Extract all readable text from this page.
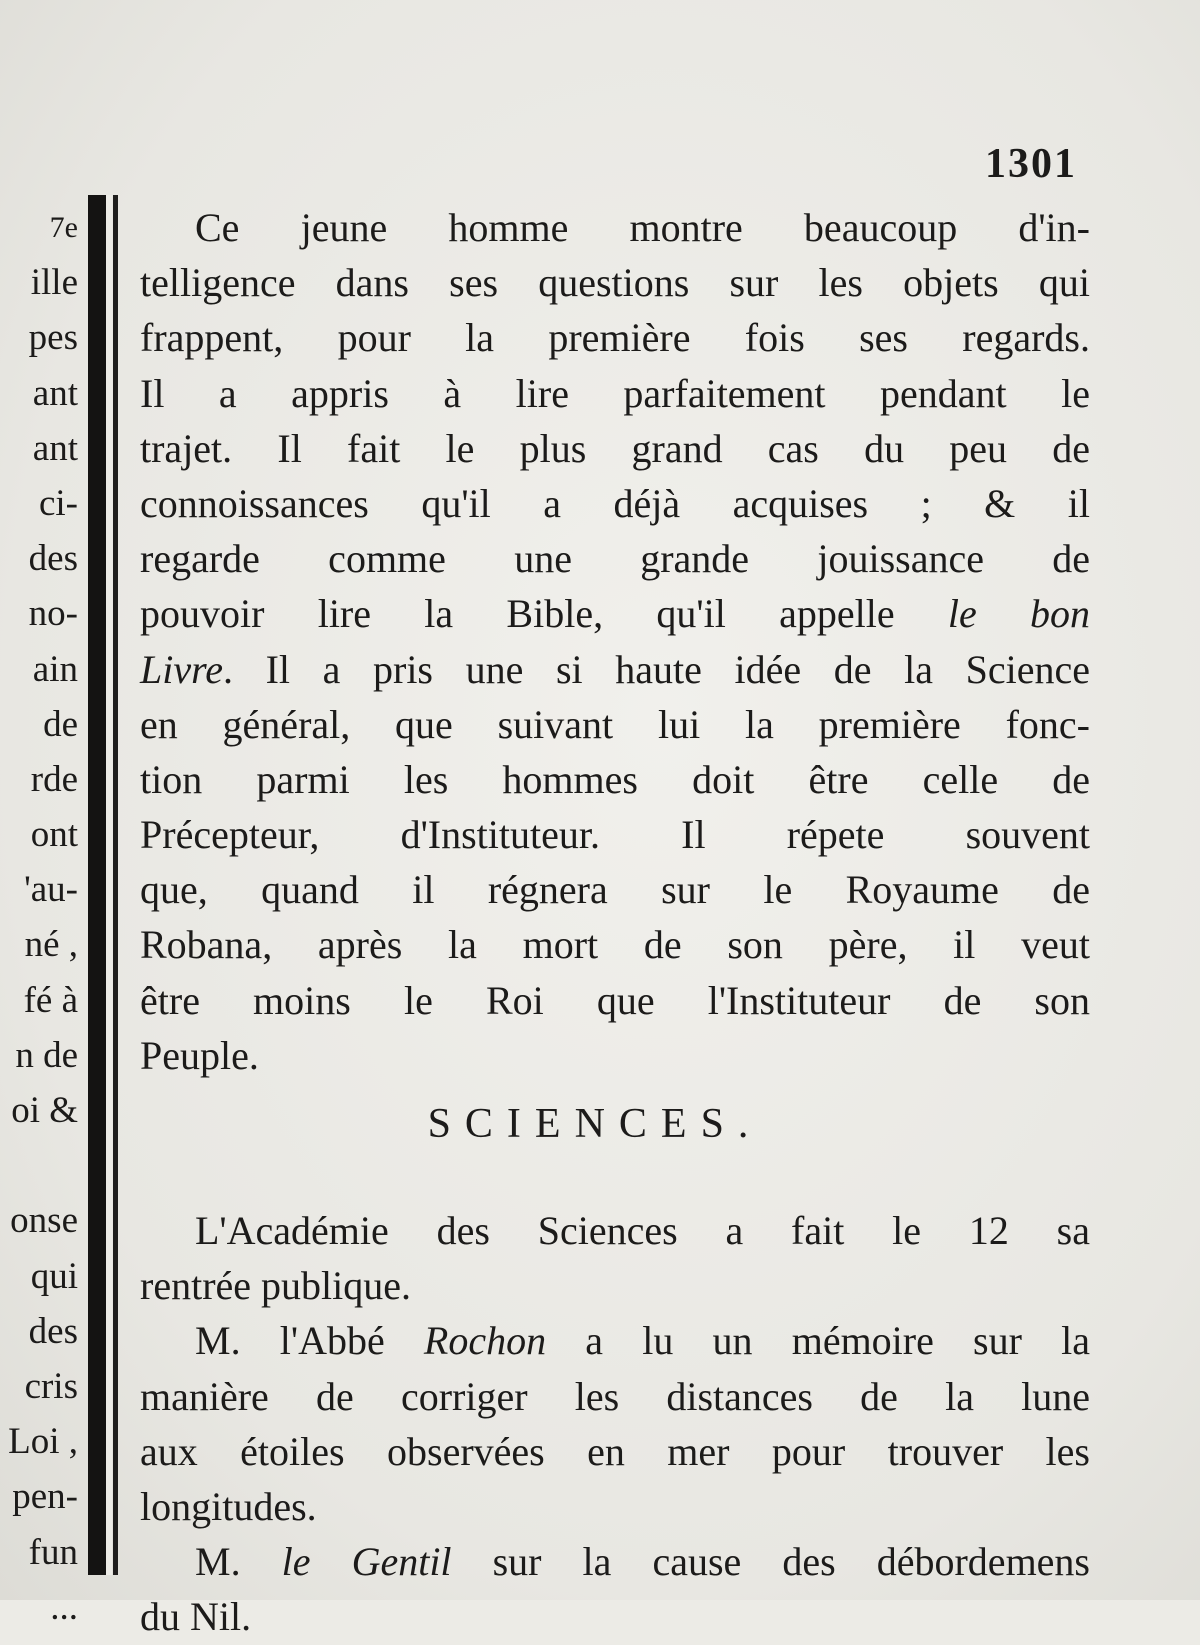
1301
7e
ille
pes
ant
ant
ci-
des
no-
ain
de
rde
ont
'au-
né ,
fé à
n de
oi &
onse
qui
des
cris
Loi ,
pen-
fun
...
Ce jeune homme montre beaucoup d'in-
telligence dans ses questions sur les objets qui
frappent, pour la première fois ses regards.
Il a appris à lire parfaitement pendant le
trajet. Il fait le plus grand cas du peu de
connoissances qu'il a déjà acquises ; & il
regarde comme une grande jouissance de
pouvoir lire la Bible, qu'il appelle le bon
Livre. Il a pris une si haute idée de la Science
en général, que suivant lui la première fonc-
tion parmi les hommes doit être celle de
Précepteur, d'Instituteur. Il répete souvent
que, quand il régnera sur le Royaume de
Robana, après la mort de son père, il veut
être moins le Roi que l'Instituteur de son
Peuple.
SCIENCES.
L'Académie des Sciences a fait le 12 sa
rentrée publique.
M. l'Abbé Rochon a lu un mémoire sur la
manière de corriger les distances de la lune
aux étoiles observées en mer pour trouver les
longitudes.
M. le Gentil sur la cause des débordemens
du Nil.
